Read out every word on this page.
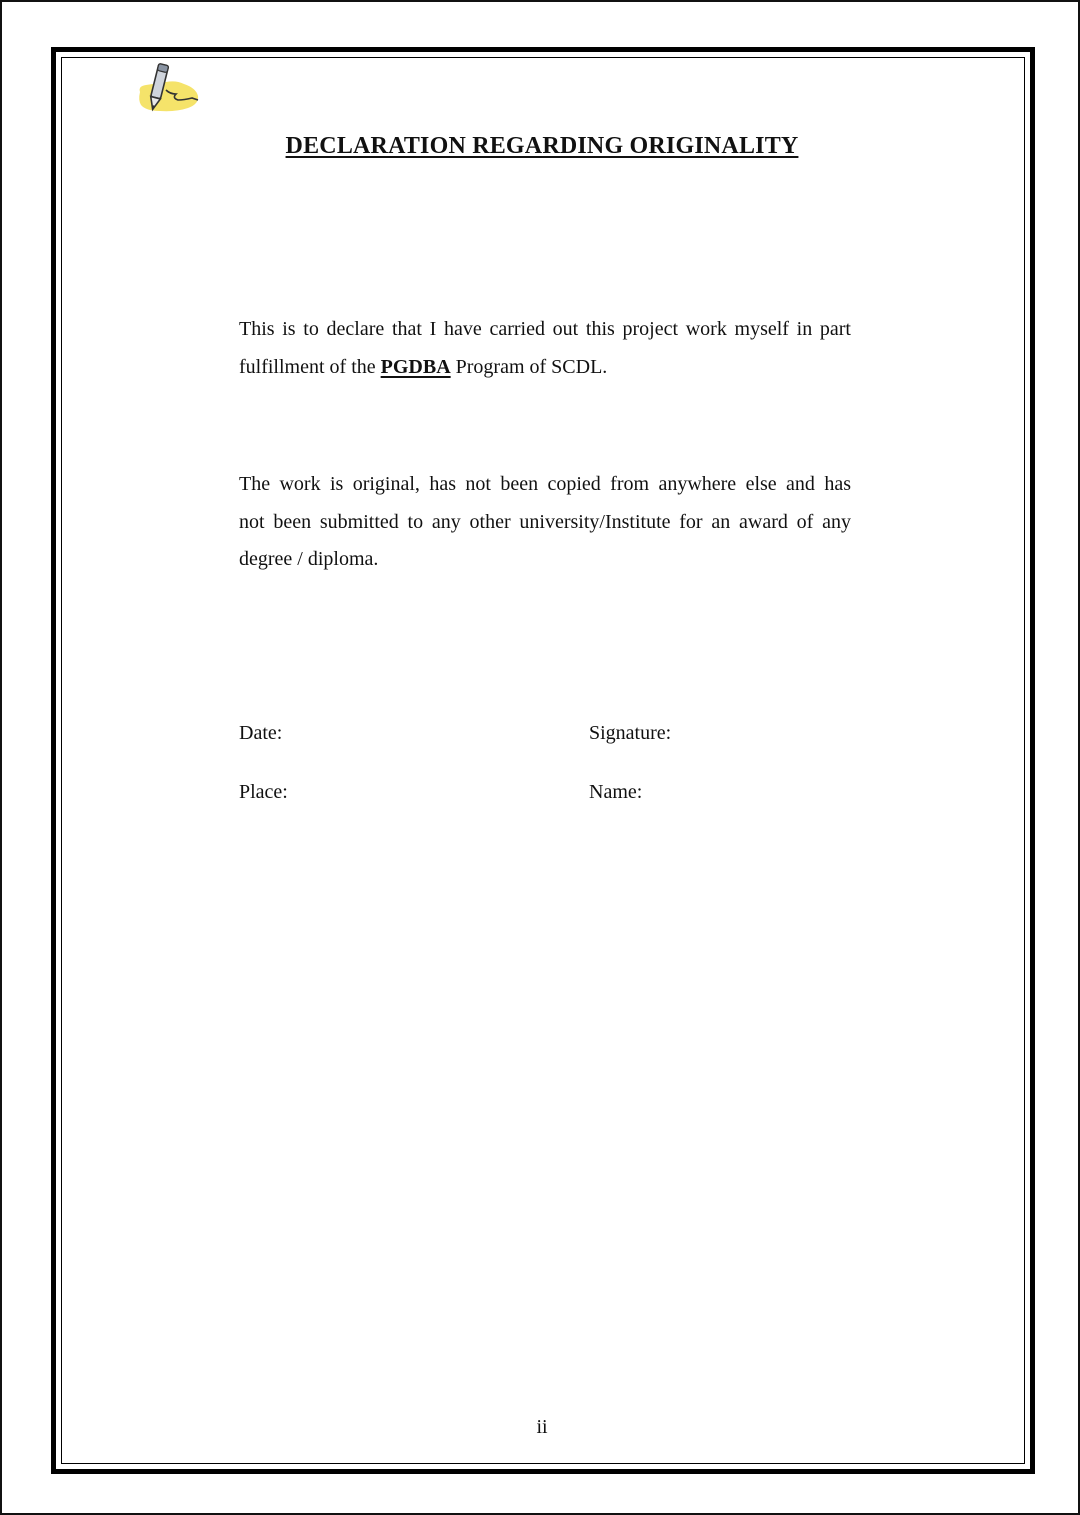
DECLARATION REGARDING ORIGINALITY
This is to declare that I have carried out this project work myself in part
fulfillment of the PGDBA Program of SCDL.
The work is original, has not been copied from anywhere else and has
not been submitted to any other university/Institute for an award of any
degree / diploma.
Date:	Signature:
Place:	Name:
ii
